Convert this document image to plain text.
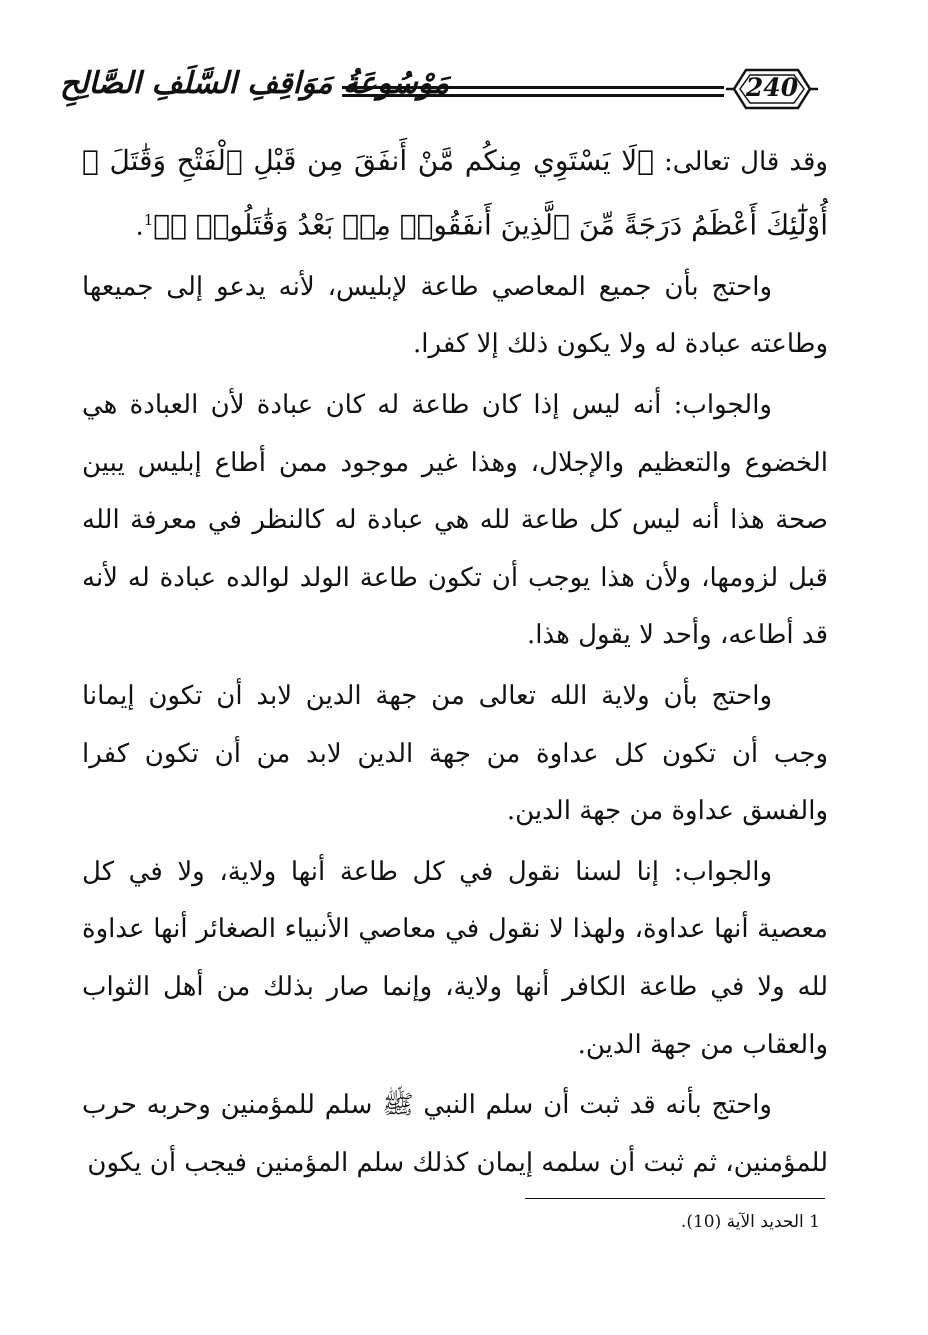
مَوْسُوعَةُ مَوَاقِفِ السَّلَفِ الصَّالِحِ	240

وقد قال تعالى: ﴿لَا يَسْتَوِي مِنكُم مَّنْ أَنفَقَ مِن قَبْلِ ٱلْفَتْحِ وَقَٰتَلَ ۚ أُوْلَٰٓئِكَ أَعْظَمُ دَرَجَةً مِّنَ ٱلَّذِينَ أَنفَقُوا۟ مِنۢ بَعْدُ وَقَٰتَلُوا۟ ۚ﴾$^1$.

واحتج بأن جميع المعاصي طاعة لإبليس، لأنه يدعو إلى جميعها وطاعته عبادة له ولا يكون ذلك إلا كفرا.

والجواب: أنه ليس إذا كان طاعة له كان عبادة لأن العبادة هي الخضوع والتعظيم والإجلال، وهذا غير موجود ممن أطاع إبليس يبين صحة هذا أنه ليس كل طاعة لله هي عبادة له كالنظر في معرفة الله قبل لزومها، ولأن هذا يوجب أن تكون طاعة الولد لوالده عبادة له لأنه قد أطاعه، وأحد لا يقول هذا.

واحتج بأن ولاية الله تعالى من جهة الدين لابد أن تكون إيمانا وجب أن تكون كل عداوة من جهة الدين لابد من أن تكون كفرا والفسق عداوة من جهة الدين.

والجواب: إنا لسنا نقول في كل طاعة أنها ولاية، ولا في كل معصية أنها عداوة، ولهذا لا نقول في معاصي الأنبياء الصغائر أنها عداوة لله ولا في طاعة الكافر أنها ولاية، وإنما صار بذلك من أهل الثواب والعقاب من جهة الدين.

واحتج بأنه قد ثبت أن سلم النبي ﷺ سلم للمؤمنين وحربه حرب للمؤمنين، ثم ثبت أن سلمه إيمان كذلك سلم المؤمنين فيجب أن يكون

1 الحديد الآية (10).
